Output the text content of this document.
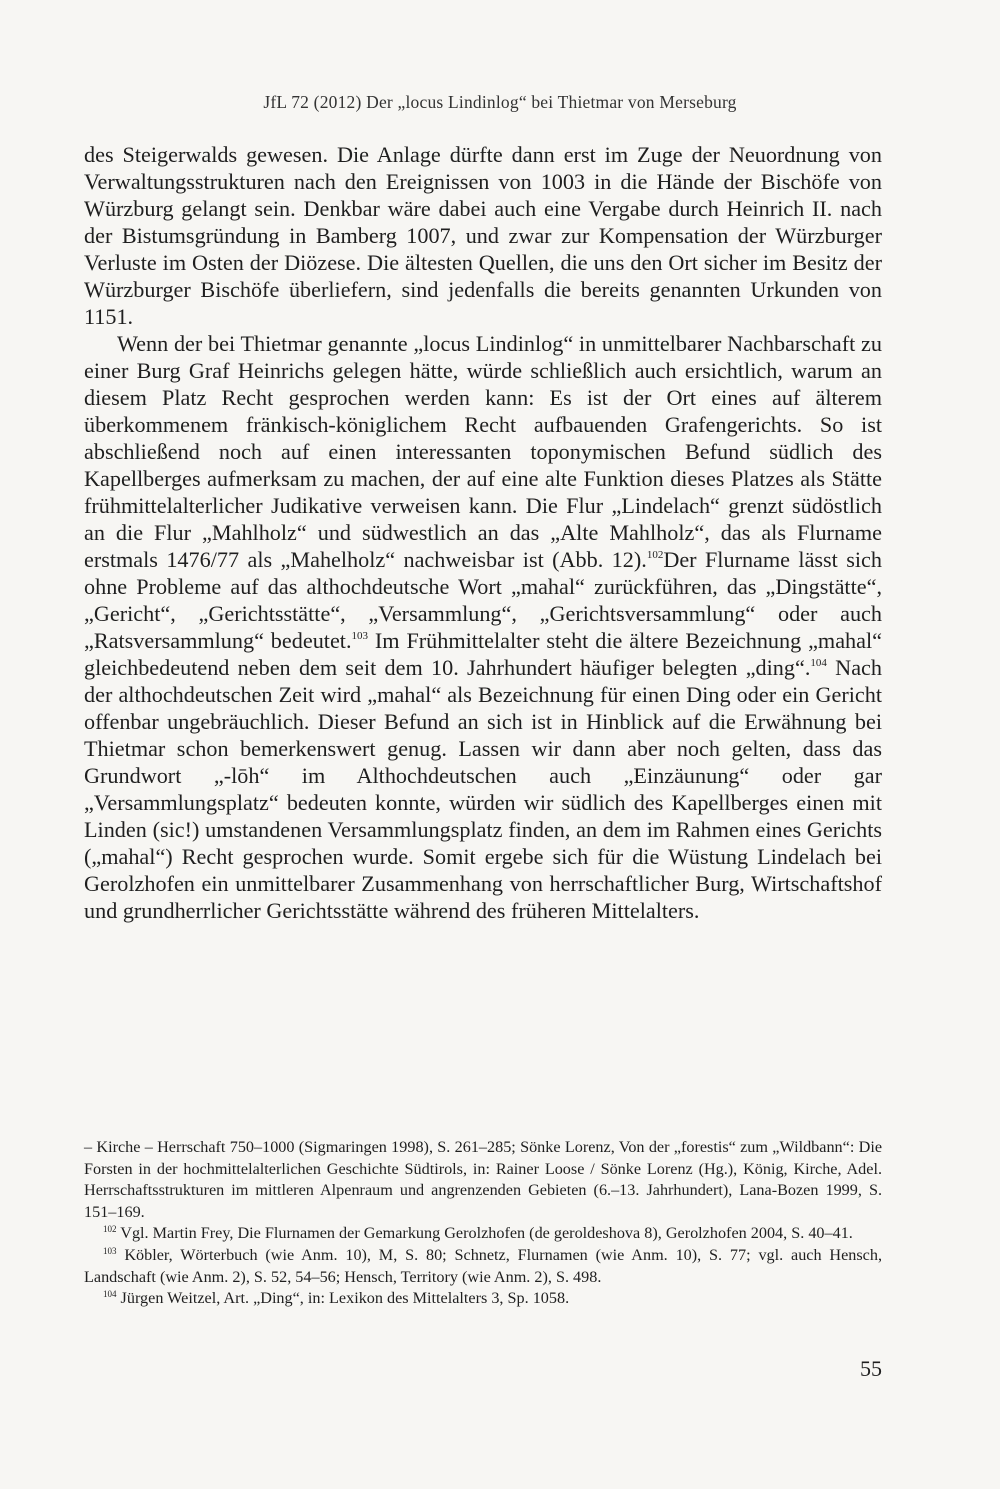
JfL 72 (2012) Der „locus Lindinlog“ bei Thietmar von Merseburg

des Steigerwalds gewesen. Die Anlage dürfte dann erst im Zuge der Neuordnung von Verwaltungsstrukturen nach den Ereignissen von 1003 in die Hände der Bischöfe von Würzburg gelangt sein. Denkbar wäre dabei auch eine Vergabe durch Heinrich II. nach der Bistumsgründung in Bamberg 1007, und zwar zur Kompensation der Würzburger Verluste im Osten der Diözese. Die ältesten Quellen, die uns den Ort sicher im Besitz der Würzburger Bischöfe überliefern, sind jedenfalls die bereits genannten Urkunden von 1151.

Wenn der bei Thietmar genannte „locus Lindinlog“ in unmittelbarer Nachbarschaft zu einer Burg Graf Heinrichs gelegen hätte, würde schließlich auch ersichtlich, warum an diesem Platz Recht gesprochen werden kann: Es ist der Ort eines auf älterem überkommenem fränkisch-königlichem Recht aufbauenden Grafengerichts. So ist abschließend noch auf einen interessanten toponymischen Befund südlich des Kapellberges aufmerksam zu machen, der auf eine alte Funktion dieses Platzes als Stätte frühmittelalterlicher Judikative verweisen kann. Die Flur „Lindelach“ grenzt südöstlich an die Flur „Mahlholz“ und südwestlich an das „Alte Mahlholz“, das als Flurname erstmals 1476/77 als „Mahelholz“ nachweisbar ist (Abb. 12).$^{102}$Der Flurname lässt sich ohne Probleme auf das althochdeutsche Wort „mahal“ zurückführen, das „Dingstätte“, „Gericht“, „Gerichtsstätte“, „Versammlung“, „Gerichtsversammlung“ oder auch „Ratsversammlung“ bedeutet.$^{103}$ Im Frühmittelalter steht die ältere Bezeichnung „mahal“ gleichbedeutend neben dem seit dem 10. Jahrhundert häufiger belegten „ding“.$^{104}$ Nach der althochdeutschen Zeit wird „mahal“ als Bezeichnung für einen Ding oder ein Gericht offenbar ungebräuchlich. Dieser Befund an sich ist in Hinblick auf die Erwähnung bei Thietmar schon bemerkenswert genug. Lassen wir dann aber noch gelten, dass das Grundwort „-lōh“ im Althochdeutschen auch „Einzäunung“ oder gar „Versammlungsplatz“ bedeuten konnte, würden wir südlich des Kapellberges einen mit Linden (sic!) umstandenen Versammlungsplatz finden, an dem im Rahmen eines Gerichts („mahal“) Recht gesprochen wurde. Somit ergebe sich für die Wüstung Lindelach bei Gerolzhofen ein unmittelbarer Zusammenhang von herrschaftlicher Burg, Wirtschaftshof und grundherrlicher Gerichtsstätte während des früheren Mittelalters.

– Kirche – Herrschaft 750–1000 (Sigmaringen 1998), S. 261–285; Sönke Lorenz, Von der „forestis“ zum „Wildbann“: Die Forsten in der hochmittelalterlichen Geschichte Südtirols, in: Rainer Loose / Sönke Lorenz (Hg.), König, Kirche, Adel. Herrschaftsstrukturen im mittleren Alpenraum und angrenzenden Gebieten (6.–13. Jahrhundert), Lana-Bozen 1999, S. 151–169.

$^{102}$ Vgl. Martin Frey, Die Flurnamen der Gemarkung Gerolzhofen (de geroldeshova 8), Gerolzhofen 2004, S. 40–41.

$^{103}$ Köbler, Wörterbuch (wie Anm. 10), M, S. 80; Schnetz, Flurnamen (wie Anm. 10), S. 77; vgl. auch Hensch, Landschaft (wie Anm. 2), S. 52, 54–56; Hensch, Territory (wie Anm. 2), S. 498.

$^{104}$ Jürgen Weitzel, Art. „Ding“, in: Lexikon des Mittelalters 3, Sp. 1058.

55
